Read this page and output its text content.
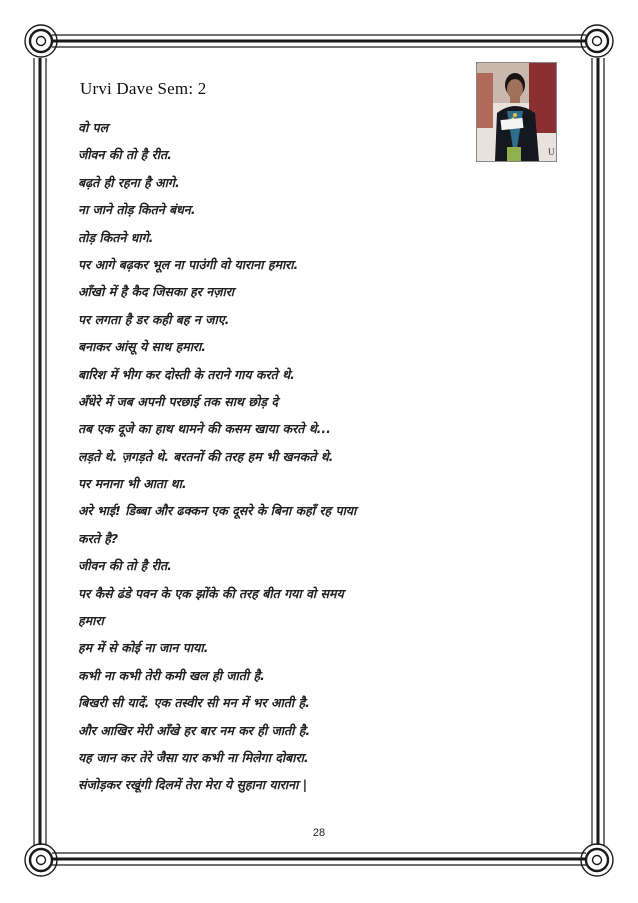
Urvi Dave Sem: 2
U
वो पल
जीवन की तो है रीत.
बढ़ते ही रहना है आगे.
ना जाने तोड़ कितने बंधन.
तोड़ कितने धागे.
पर आगे बढ़कर भूल ना पाउंगी वो याराना हमारा.
आँखो में है कैद जिसका हर नज़ारा
पर लगता है डर कही बह न जाए.
बनाकर आंसू ये साथ हमारा.
बारिश में भीग कर दोस्ती के तराने गाय करते थे.
अँधेरे में जब अपनी परछाई तक साथ छोड़ दे
तब एक दूजे का हाथ थामने की कसम खाया करते थे...
लड़ते थे. ज़गड़ते थे. बरतनों की तरह हम भी खनकते थे.
पर मनाना भी आता था.
अरे भाई! डिब्बा और ढक्कन एक दूसरे के बिना कहाँ रह पाया
करते है?
जीवन की तो है रीत.
पर कैसे ढंडे पवन के एक झोंके की तरह बीत गया वो समय
हमारा
हम में से कोई ना जान पाया.
कभी ना कभी तेरी कमी खल ही जाती है.
बिखरी सी यादें. एक तस्वीर सी मन में भर आती है.
और आखिर मेरी आँखे हर बार नम कर ही जाती है.
यह जान कर तेरे जैसा यार कभी ना मिलेगा दोबारा.
संजोड़कर रखूंगी दिलमें तेरा मेरा ये सुहाना याराना |
28
